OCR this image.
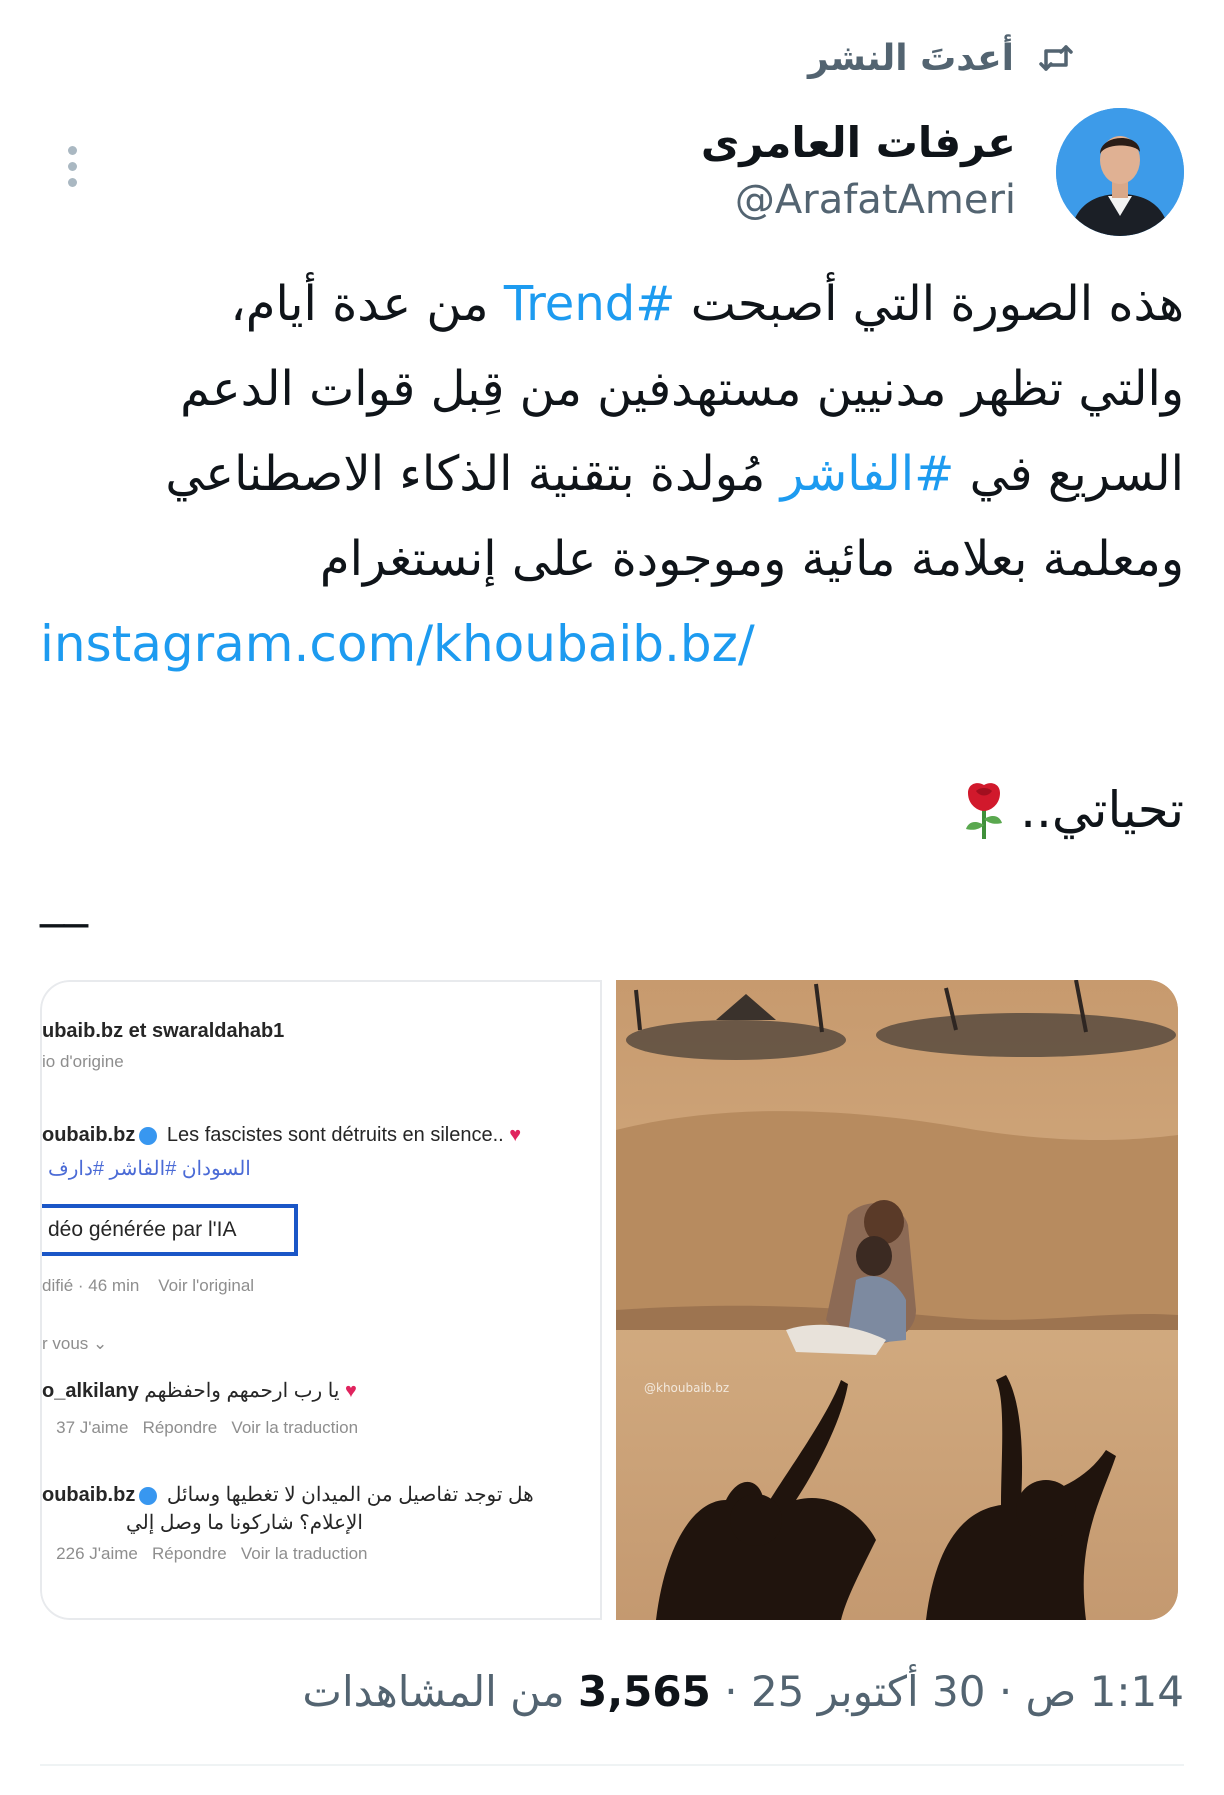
أعدتَ النشر
عرفات العامرى
@ArafatAmeri
هذه الصورة التي أصبحت #Trend من عدة أيام،
والتي تظهر مدنيين مستهدفين من قِبل قوات الدعم
السريع في #الفاشر مُولدة بتقنية الذكاء الاصطناعي
ومعلمة بعلامة مائية وموجودة على إنستغرام
instagram.com/khoubaib.bz/
تحياتي..
__
ubaib.bz et swaraldahab1
io d'origine
oubaib.bz Les fascistes sont détruits en silence.. ♥
السودان #الفاشر #دارف
déo générée par l'IA
difié · 46 min Voir l'original
r vous ⌄
o_alkilany يا رب ارحمهم واحفظهم ♥
37 J'aime Répondre Voir la traduction
oubaib.bz هل توجد تفاصيل من الميدان لا تغطيها وسائل
الإعلام؟ شاركونا ما وصل إلي
226 J'aime Répondre Voir la traduction
@khoubaib.bz
1:14 ص · 30 أكتوبر 25 · 3,565 من المشاهدات
